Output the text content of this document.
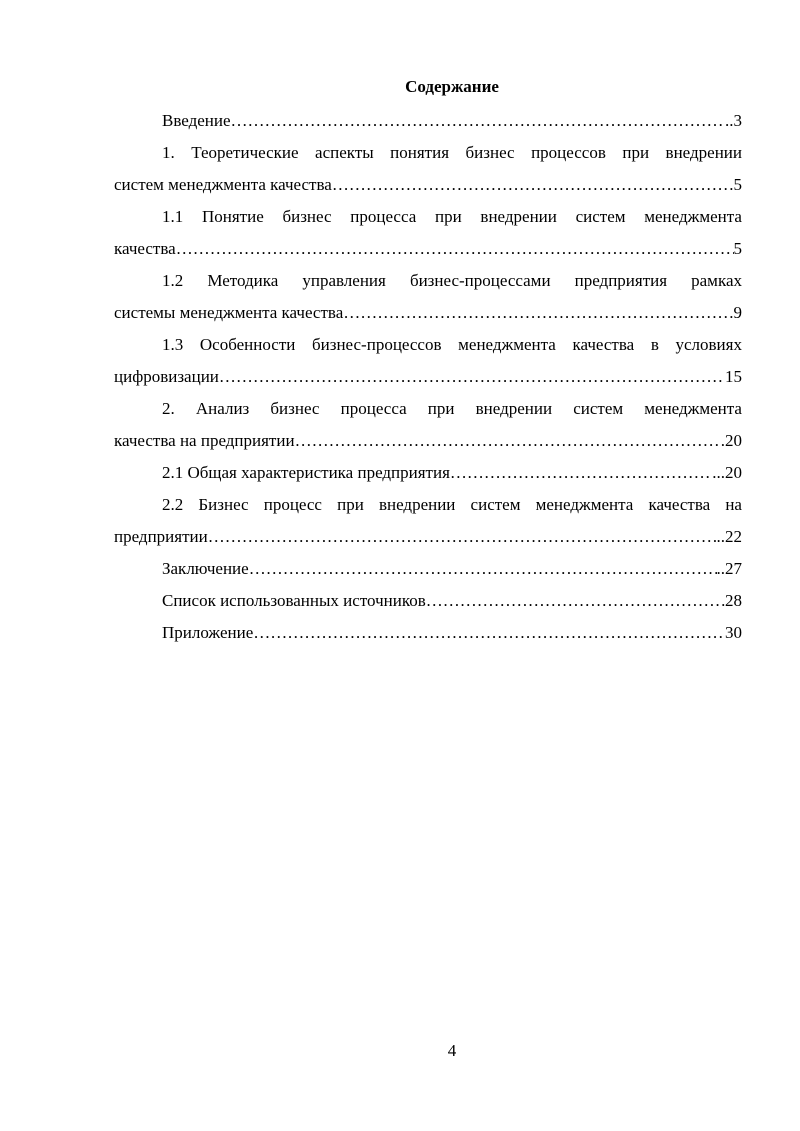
Содержание
Введение …………………………………………………………………………………………………………………………………………………………………………………………	..3
1. Теоретические аспекты понятия бизнес процессов при внедрении
систем менеджмента качества …………………………………………………………………………………………………………………………………………………………………………………………	5
1.1 Понятие бизнес процесса при внедрении систем менеджмента
качества …………………………………………………………………………………………………………………………………………………………………………………………	5
1.2 Методика управления бизнес-процессами предприятия рамках
системы менеджмента качества …………………………………………………………………………………………………………………………………………………………………………………………	.9
1.3 Особенности бизнес-процессов менеджмента качества в условиях
цифровизации …………………………………………………………………………………………………………………………………………………………………………………………	15
2. Анализ бизнес процесса при внедрении систем менеджмента
качества на предприятии …………………………………………………………………………………………………………………………………………………………………………………………	.20
2.1 Общая характеристика предприятия …………………………………………………………………………………………………………………………………………………………………………………………	...20
2.2 Бизнес процесс при внедрении систем менеджмента качества на
предприятии …………………………………………………………………………………………………………………………………………………………………………………………	..22
Заключение …………………………………………………………………………………………………………………………………………………………………………………………	..27
Список использованных источников …………………………………………………………………………………………………………………………………………………………………………………………	28
Приложение …………………………………………………………………………………………………………………………………………………………………………………………	30
4
